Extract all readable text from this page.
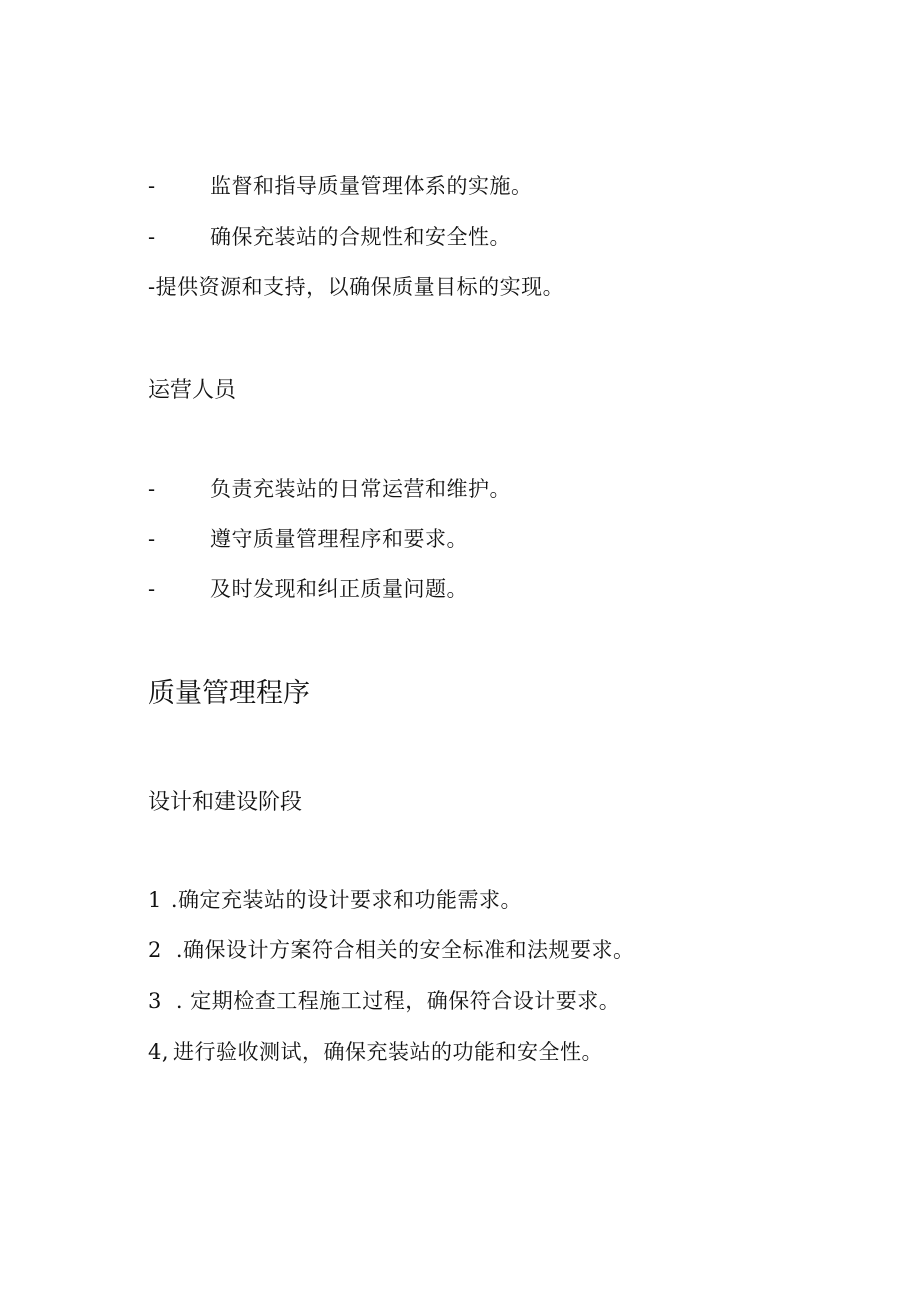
-	监督和指导质量管理体系的实施。
-	确保充装站的合规性和安全性。
-提供资源和支持，以确保质量目标的实现。
运营人员
-	负责充装站的日常运营和维护。
-	遵守质量管理程序和要求。
-	及时发现和纠正质量问题。
质量管理程序
设计和建设阶段
1 .确定充装站的设计要求和功能需求。
2 .确保设计方案符合相关的安全标准和法规要求。
3 . 定期检查工程施工过程，确保符合设计要求。
4, 进行验收测试，确保充装站的功能和安全性。
